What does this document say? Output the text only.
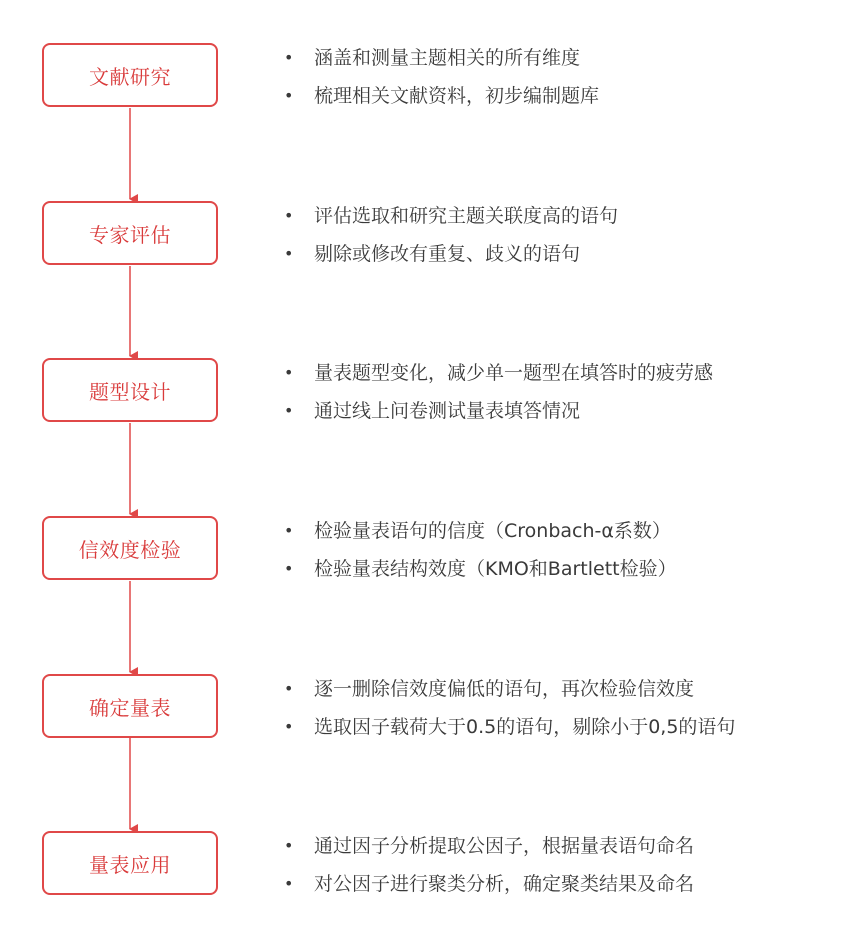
文献研究
• 涵盖和测量主题相关的所有维度
• 梳理相关文献资料，初步编制题库
专家评估
• 评估选取和研究主题关联度高的语句
• 剔除或修改有重复、歧义的语句
题型设计
• 量表题型变化，减少单一题型在填答时的疲劳感
• 通过线上问卷测试量表填答情况
信效度检验
• 检验量表语句的信度（Cronbach-α系数）
• 检验量表结构效度（KMO和Bartlett检验）
确定量表
• 逐一删除信效度偏低的语句，再次检验信效度
• 选取因子载荷大于0.5的语句，剔除小于0,5的语句
量表应用
• 通过因子分析提取公因子，根据量表语句命名
• 对公因子进行聚类分析，确定聚类结果及命名
